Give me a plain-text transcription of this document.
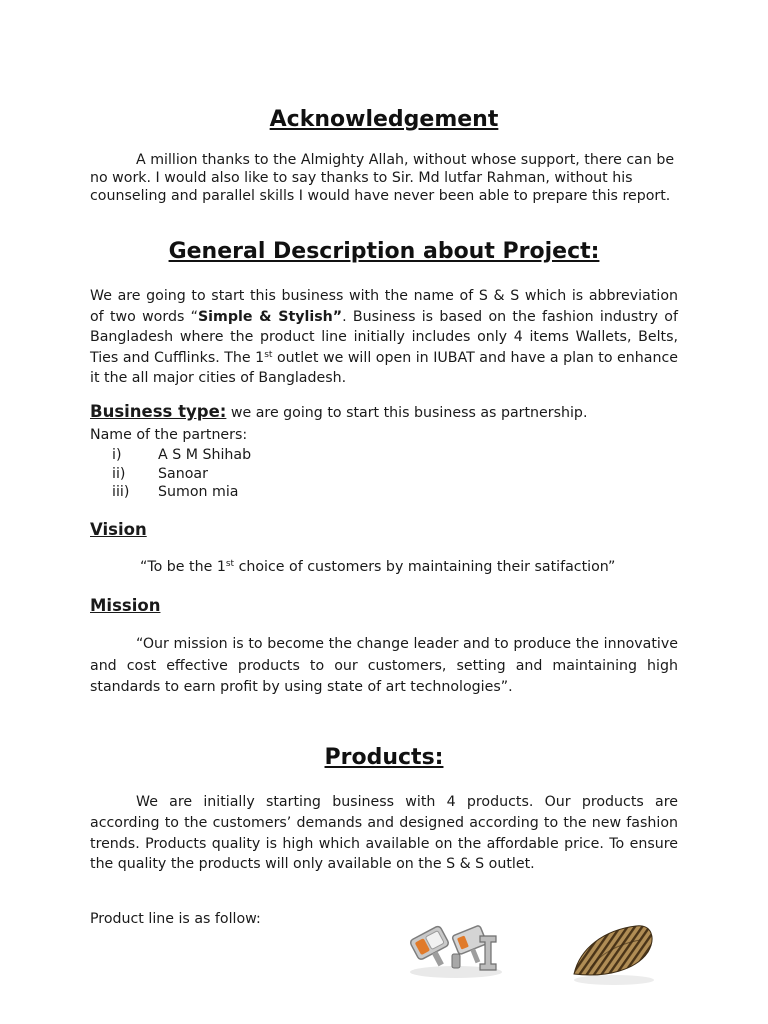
Acknowledgement

A million thanks to the Almighty Allah, without whose support, there can be no work. I would also like to say thanks to Sir. Md lutfar Rahman, without his counseling and parallel skills I would have never been able to prepare this report.

General Description about Project:

We are going to start this business with the name of S & S which is abbreviation of two words “Simple & Stylish”. Business is based on the fashion industry of Bangladesh where the product line initially includes only 4 items Wallets, Belts, Ties and Cufflinks. The 1st outlet we will open in IUBAT and have a plan to enhance it the all major cities of Bangladesh.

Business type: we are going to start this business as partnership.
Name of the partners:
i)	A S M Shihab
ii)	Sanoar
iii)	Sumon mia
Vision
“To be the 1st choice of customers by maintaining their satifaction”
Mission

“Our mission is to become the change leader and to produce the innovative and cost effective products to our customers, setting and maintaining high standards to earn profit by using state of art technologies”.

Products:

We are initially starting business with 4 products. Our products are according to the customers’ demands and designed according to the new fashion trends. Products quality is high which available on the affordable price. To ensure the quality the products will only available on the S & S outlet.

Product line is as follow:
